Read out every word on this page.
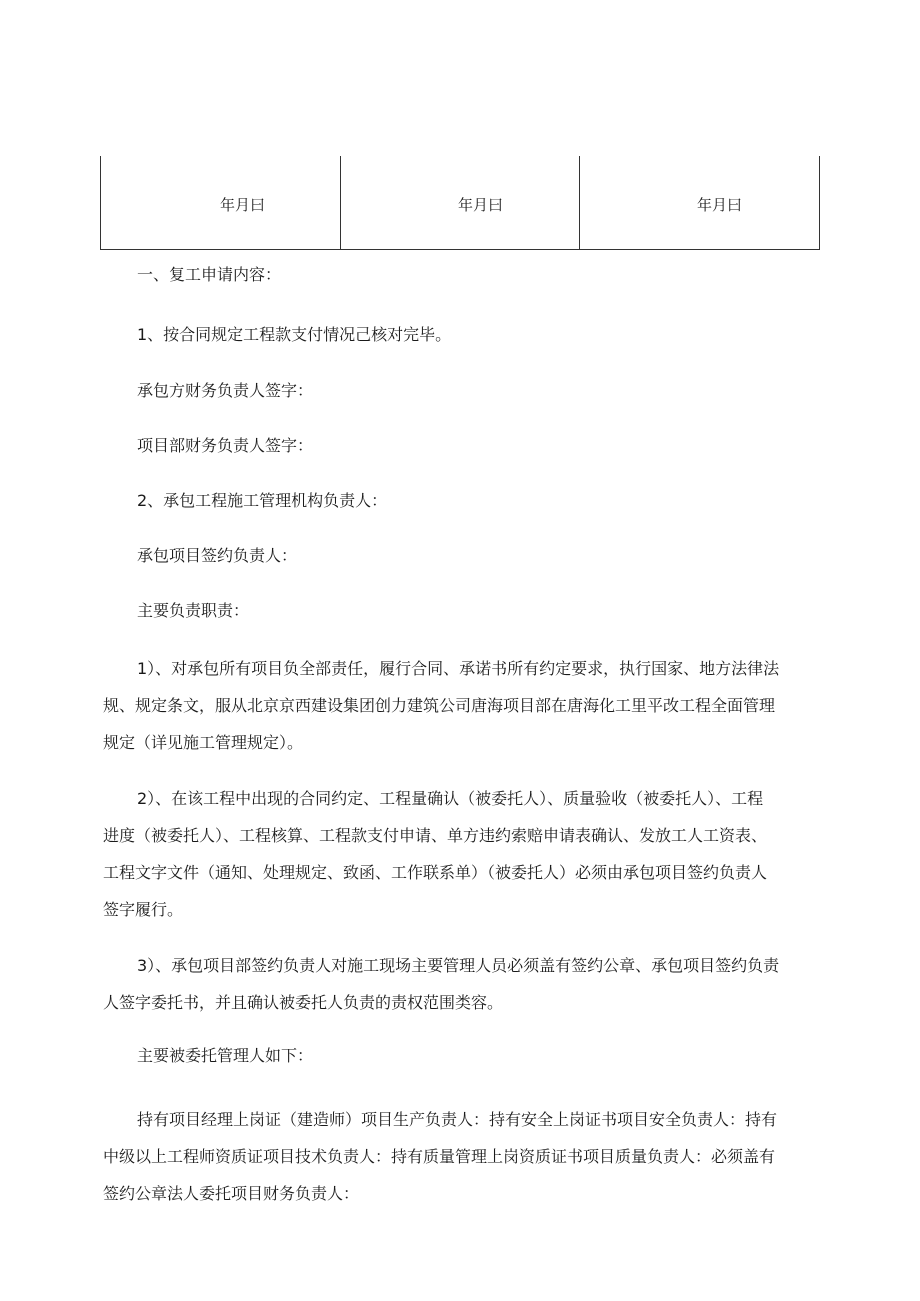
年月曰	年月曰	年月曰

一、复工申请内容：

1、按合同规定工程款支付情况己核对完毕。

承包方财务负责人签字：

项目部财务负责人签字：

2、承包工程施工管理机构负责人：

承包项目签约负责人：

主要负责职责：

1）、对承包所有项目负全部责任，履行合同、承诺书所有约定要求，执行国家、地方法律法
规、规定条文，服从北京京西建设集团创力建筑公司唐海项目部在唐海化工里平改工程全面管理
规定（详见施工管理规定）。
2）、在该工程中出现的合同约定、工程量确认（被委托人）、质量验收（被委托人）、工程
进度（被委托人）、工程核算、工程款支付申请、单方违约索赔申请表确认、发放工人工资表、
工程文字文件（通知、处理规定、致函、工作联系单）（被委托人）必须由承包项目签约负责人
签字履行。
3）、承包项目部签约负责人对施工现场主要管理人员必须盖有签约公章、承包项目签约负责
人签字委托书，并且确认被委托人负责的责权范围类容。

主要被委托管理人如下：

持有项目经理上岗证（建造师）项目生产负责人：持有安全上岗证书项目安全负责人：持有
中级以上工程师资质证项目技术负责人：持有质量管理上岗资质证书项目质量负责人：必须盖有
签约公章法人委托项目财务负责人：
